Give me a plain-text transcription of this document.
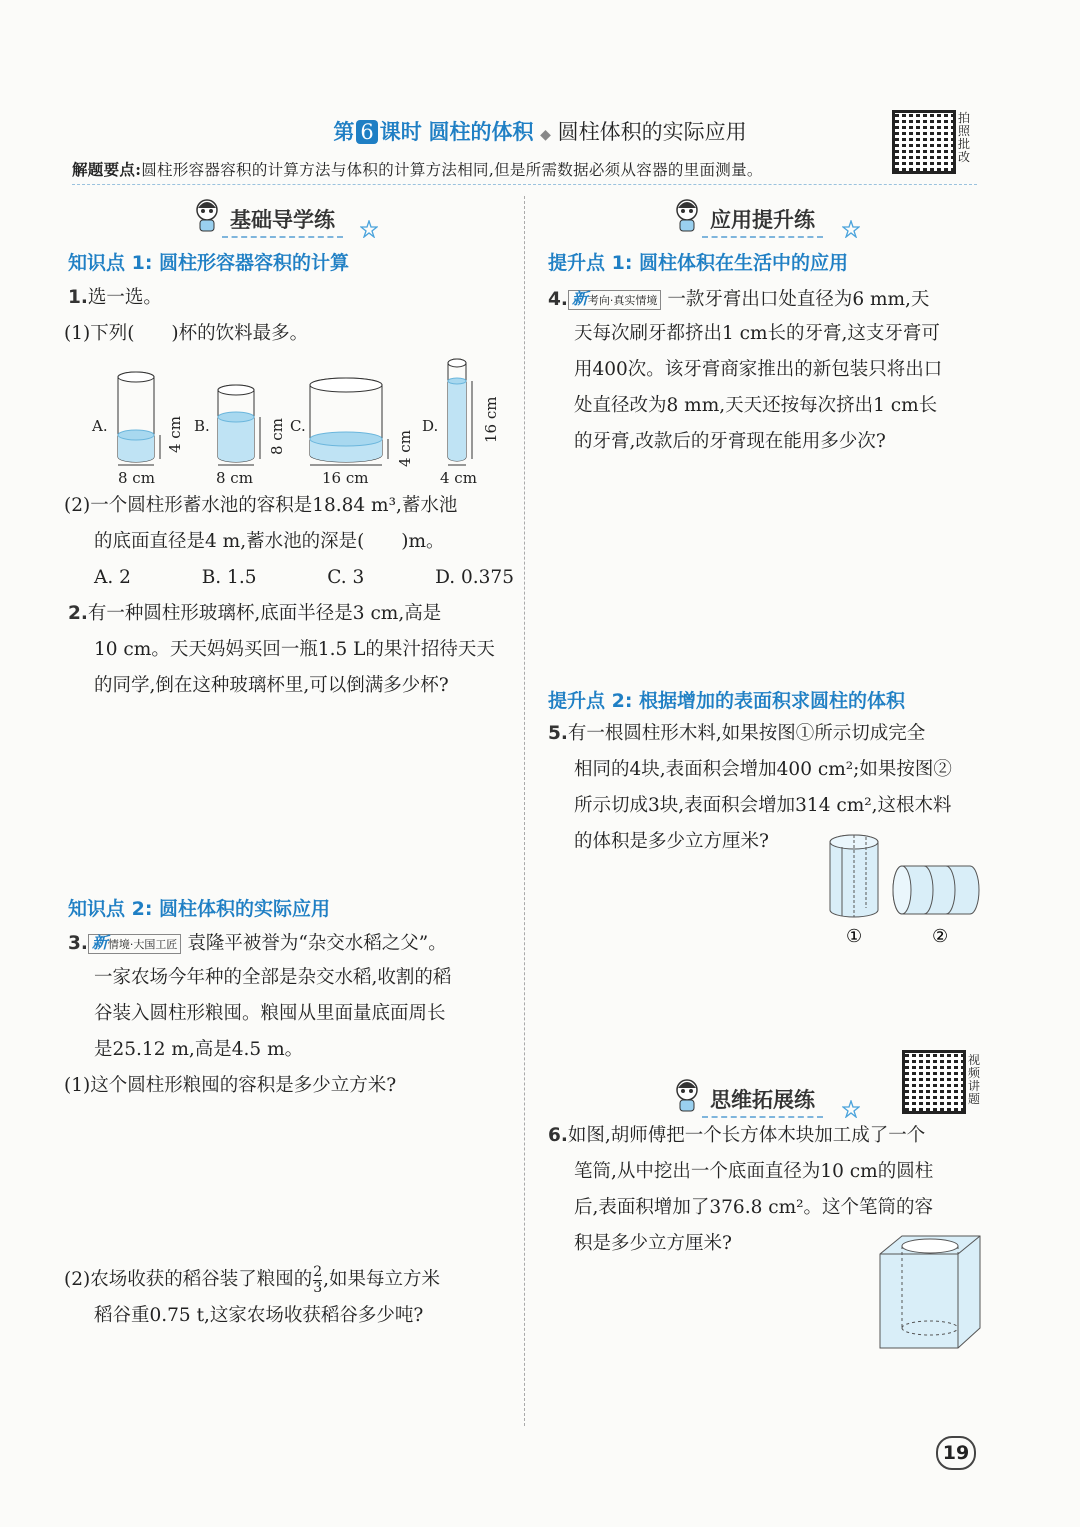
第 6 课时 圆柱的体积 ◆ 圆柱体积的实际应用
拍照批改
解题要点:圆柱形容器容积的计算方法与体积的计算方法相同,但是所需数据必须从容器的里面测量。
基础导学练
知识点 1: 圆柱形容器容积的计算
1.选一选。
(1)下列(　　)杯的饮料最多。
A.
8 cm
4 cm B.
8 cm
8 cm C.
16 cm
4 cm
D.
4 cm
16 cm
(2)一个圆柱形蓄水池的容积是18.84 m³,蓄水池
的底面直径是4 m,蓄水池的深是(　　)m。
A. 2	B. 1.5	C. 3	D. 0.375
2.有一种圆柱形玻璃杯,底面半径是3 cm,高是
10 cm。天天妈妈买回一瓶1.5 L的果汁招待天天
的同学,倒在这种玻璃杯里,可以倒满多少杯?
知识点 2: 圆柱体积的实际应用
3. 新情境·大国工匠 袁隆平被誉为“杂交水稻之父”。
一家农场今年种的全部是杂交水稻,收割的稻
谷装入圆柱形粮囤。粮囤从里面量底面周长
是25.12 m,高是4.5 m。
(1)这个圆柱形粮囤的容积是多少立方米?
(2)农场收获的稻谷装了粮囤的 $\frac{2}{3}$ ,如果每立方米
稻谷重0.75 t,这家农场收获稻谷多少吨?
应用提升练
提升点 1: 圆柱体积在生活中的应用
4. 新考向·真实情境 一款牙膏出口处直径为6 mm,天
天每次刷牙都挤出1 cm长的牙膏,这支牙膏可
用400次。该牙膏商家推出的新包装只将出口
处直径改为8 mm,天天还按每次挤出1 cm长
的牙膏,改款后的牙膏现在能用多少次?
提升点 2: 根据增加的表面积求圆柱的体积
5.有一根圆柱形木料,如果按图①所示切成完全
相同的4块,表面积会增加400 cm²;如果按图②
所示切成3块,表面积会增加314 cm²,这根木料
的体积是多少立方厘米?
①	②
视频讲题
思维拓展练
6.如图,胡师傅把一个长方体木块加工成了一个
笔筒,从中挖出一个底面直径为10 cm的圆柱
后,表面积增加了376.8 cm²。这个笔筒的容
积是多少立方厘米?
19
